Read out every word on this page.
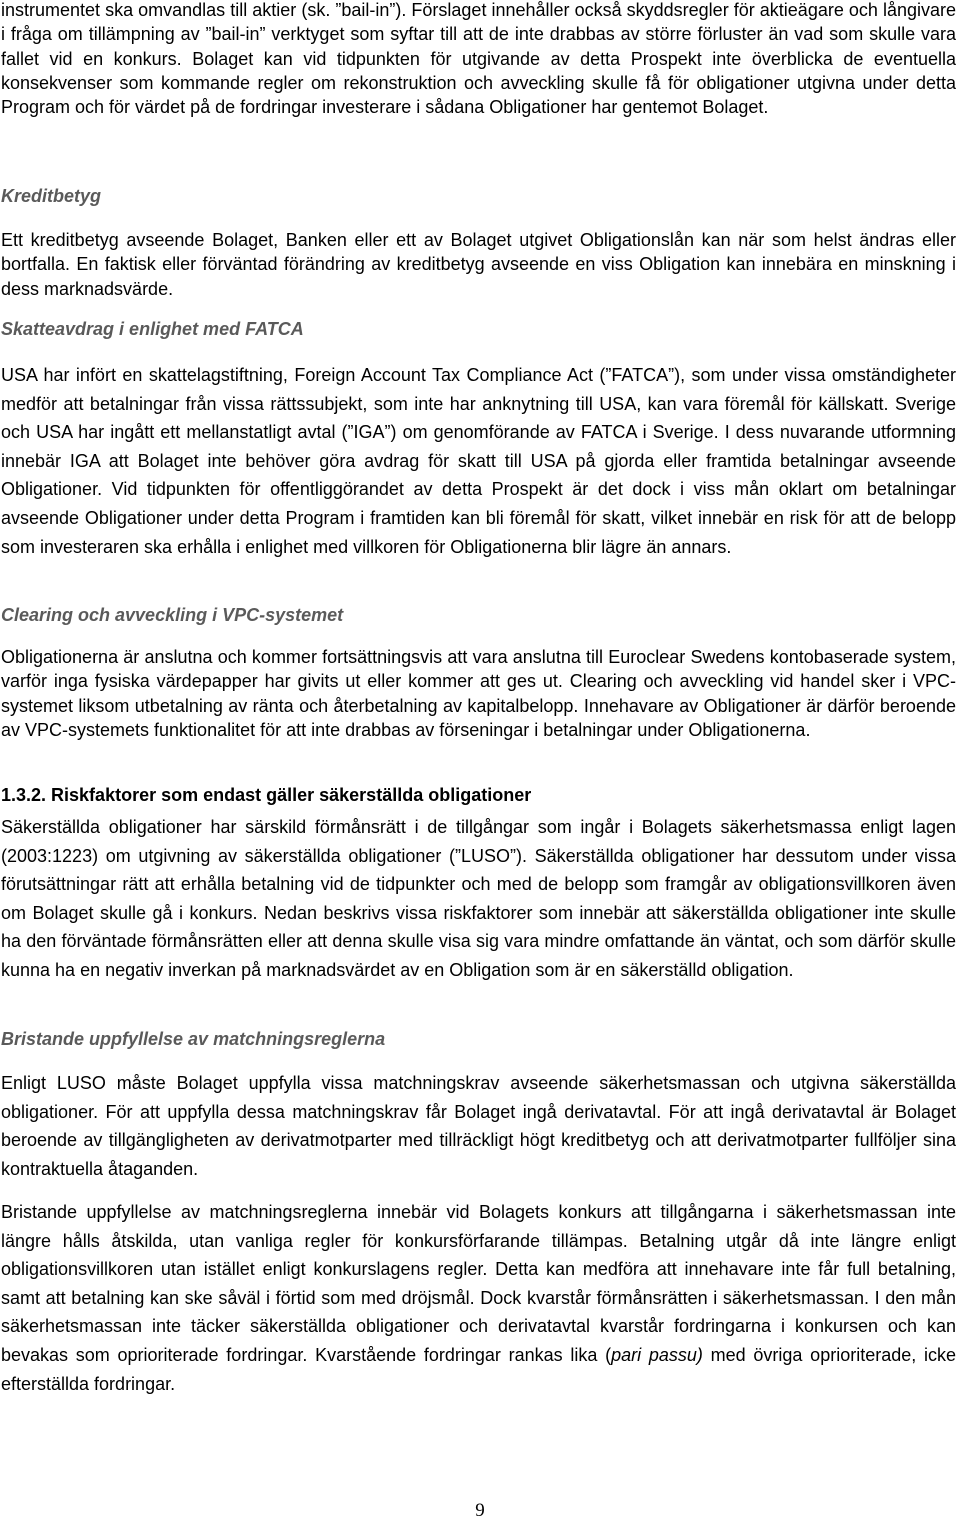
instrumentet ska omvandlas till aktier (sk. ”bail-in”). Förslaget innehåller också skyddsregler för aktieägare och långivare i fråga om tillämpning av ”bail-in” verktyget som syftar till att de inte drabbas av större förluster än vad som skulle vara fallet vid en konkurs. Bolaget kan vid tidpunkten för utgivande av detta Prospekt inte överblicka de eventuella konsekvenser som kommande regler om rekonstruktion och avveckling skulle få för obligationer utgivna under detta Program och för värdet på de fordringar investerare i sådana Obligationer har gentemot Bolaget.

Kreditbetyg

Ett kreditbetyg avseende Bolaget, Banken eller ett av Bolaget utgivet Obligationslån kan när som helst ändras eller bortfalla. En faktisk eller förväntad förändring av kreditbetyg avseende en viss Obligation kan innebära en minskning i dess marknadsvärde.

Skatteavdrag i enlighet med FATCA

USA har infört en skattelagstiftning, Foreign Account Tax Compliance Act (”FATCA”), som under vissa omständigheter medför att betalningar från vissa rättssubjekt, som inte har anknytning till USA, kan vara föremål för källskatt. Sverige och USA har ingått ett mellanstatligt avtal (”IGA”) om genomförande av FATCA i Sverige. I dess nuvarande utformning innebär IGA att Bolaget inte behöver göra avdrag för skatt till USA på gjorda eller framtida betalningar avseende Obligationer. Vid tidpunkten för offentliggörandet av detta Prospekt är det dock i viss mån oklart om betalningar avseende Obligationer under detta Program i framtiden kan bli föremål för skatt, vilket innebär en risk för att de belopp som investeraren ska erhålla i enlighet med villkoren för Obligationerna blir lägre än annars.

Clearing och avveckling i VPC-systemet

Obligationerna är anslutna och kommer fortsättningsvis att vara anslutna till Euroclear Swedens kontobaserade system, varför inga fysiska värdepapper har givits ut eller kommer att ges ut. Clearing och avveckling vid handel sker i VPC-systemet liksom utbetalning av ränta och återbetalning av kapitalbelopp. Innehavare av Obligationer är därför beroende av VPC-systemets funktionalitet för att inte drabbas av förseningar i betalningar under Obligationerna.

1.3.2. Riskfaktorer som endast gäller säkerställda obligationer

Säkerställda obligationer har särskild förmånsrätt i de tillgångar som ingår i Bolagets säkerhetsmassa enligt lagen (2003:1223) om utgivning av säkerställda obligationer (”LUSO”). Säkerställda obligationer har dessutom under vissa förutsättningar rätt att erhålla betalning vid de tidpunkter och med de belopp som framgår av obligationsvillkoren även om Bolaget skulle gå i konkurs. Nedan beskrivs vissa riskfaktorer som innebär att säkerställda obligationer inte skulle ha den förväntade förmånsrätten eller att denna skulle visa sig vara mindre omfattande än väntat, och som därför skulle kunna ha en negativ inverkan på marknadsvärdet av en Obligation som är en säkerställd obligation.

Bristande uppfyllelse av matchningsreglerna

Enligt LUSO måste Bolaget uppfylla vissa matchningskrav avseende säkerhetsmassan och utgivna säkerställda obligationer. För att uppfylla dessa matchningskrav får Bolaget ingå derivatavtal. För att ingå derivatavtal är Bolaget beroende av tillgängligheten av derivatmotparter med tillräckligt högt kreditbetyg och att derivatmotparter fullföljer sina kontraktuella åtaganden.

Bristande uppfyllelse av matchningsreglerna innebär vid Bolagets konkurs att tillgångarna i säkerhetsmassan inte längre hålls åtskilda, utan vanliga regler för konkursförfarande tillämpas. Betalning utgår då inte längre enligt obligationsvillkoren utan istället enligt konkurslagens regler. Detta kan medföra att innehavare inte får full betalning, samt att betalning kan ske såväl i förtid som med dröjsmål. Dock kvarstår förmånsrätten i säkerhetsmassan. I den mån säkerhetsmassan inte täcker säkerställda obligationer och derivatavtal kvarstår fordringarna i konkursen och kan bevakas som oprioriterade fordringar. Kvarstående fordringar rankas lika (pari passu) med övriga oprioriterade, icke efterställda fordringar.

9
